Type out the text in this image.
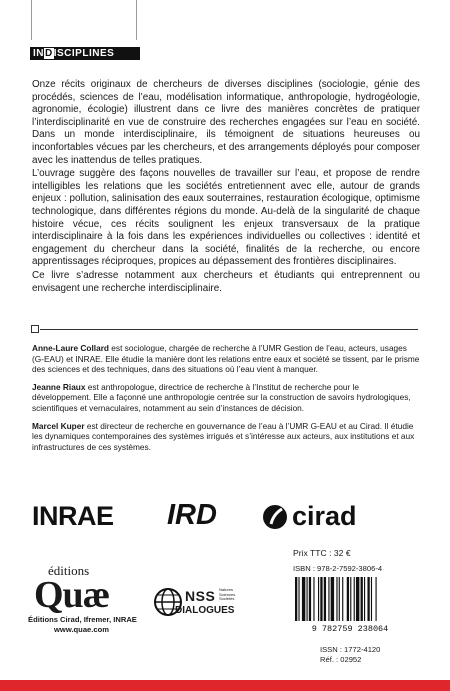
INDISCIPLINES

Onze récits originaux de chercheurs de diverses disciplines (sociologie, génie des procédés, sciences de l’eau, modélisation informatique, anthropologie, hydrogéologie, agronomie, écologie) illustrent dans ce livre des manières concrètes de pratiquer l’interdisciplinarité en vue de construire des recherches engagées sur l’eau en société. Dans un monde interdisciplinaire, ils témoignent de situations heureuses ou inconfortables vécues par les chercheurs, et des arrangements déployés pour composer avec les inattendus de telles pratiques.

L’ouvrage suggère des façons nouvelles de travailler sur l’eau, et propose de rendre intelligibles les relations que les sociétés entretiennent avec elle, autour de grands enjeux : pollution, salinisation des eaux souterraines, restauration écologique, optimisme technologique, dans différentes régions du monde. Au-delà de la singularité de chaque histoire vécue, ces récits soulignent les enjeux transversaux de la pratique interdisciplinaire à la fois dans les expériences individuelles ou collectives : identité et engagement du chercheur dans la société, finalités de la recherche, ou encore apprentissages réciproques, propices au dépassement des frontières disciplinaires.

Ce livre s’adresse notamment aux chercheurs et étudiants qui entreprennent ou envisagent une recherche interdisciplinaire.

Anne-Laure Collard est sociologue, chargée de recherche à l’UMR Gestion de l’eau, acteurs, usages (G-EAU) et INRAE. Elle étudie la manière dont les relations entre eaux et société se tissent, par le prisme des sciences et des techniques, dans des situations où l’eau vient à manquer.

Jeanne Riaux est anthropologue, directrice de recherche à l’Institut de recherche pour le développement. Elle a façonné une anthropologie centrée sur la construction de savoirs hydrologiques, scientifiques et vernaculaires, notamment au sein d’instances de décision.

Marcel Kuper est directeur de recherche en gouvernance de l’eau à l’UMR G-EAU et au Cirad. Il étudie les dynamiques contemporaines des systèmes irrigués et s’intéresse aux acteurs, aux institutions et aux infrastructures de ces systèmes.

INRAE IRD	cirad
éditions
Quæ
Éditions Cirad, Ifremer, INRAE
www.quae.com
NSS Natures
Sciences
Sociétés
DIALOGUES
Prix TTC : 32 €
ISBN : 978-2-7592-3806-4
9 782759 238064
ISSN : 1772-4120
Réf. : 02952
